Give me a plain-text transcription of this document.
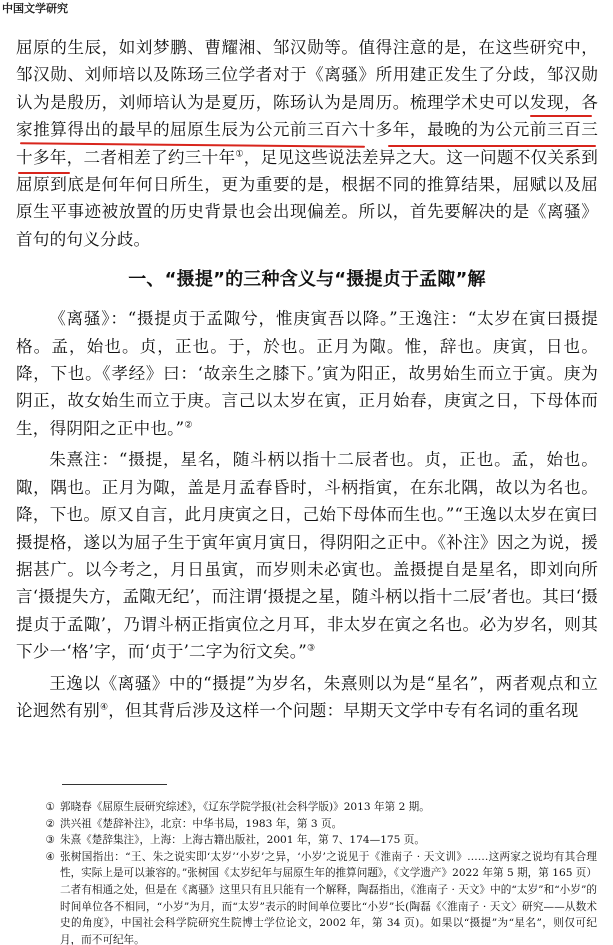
中国文学研究

屈原的生辰，如刘梦鹏、曹耀湘、邹汉勋等。值得注意的是，在这些研究中，邹汉勋、刘师培以及陈玚三位学者对于《离骚》所用建正发生了分歧，邹汉勋认为是殷历，刘师培认为是夏历，陈玚认为是周历。梳理学术史可以发现，各家推算得出的最早的屈原生辰为公元前三百六十多年，最晚的为公元前三百三十多年，二者相差了约三十年①，足见这些说法差异之大。这一问题不仅关系到屈原到底是何年何日所生，更为重要的是，根据不同的推算结果，屈赋以及屈原生平事迹被放置的历史背景也会出现偏差。所以，首先要解决的是《离骚》首句的句义分歧。

一、“摄提”的三种含义与“摄提贞于孟陬”解

《离骚》：“摄提贞于孟陬兮，惟庚寅吾以降。”王逸注：“太岁在寅曰摄提格。孟，始也。贞，正也。于，於也。正月为陬。惟，辞也。庚寅，日也。降，下也。《孝经》曰：‘故亲生之膝下。’寅为阳正，故男始生而立于寅。庚为阴正，故女始生而立于庚。言己以太岁在寅，正月始春，庚寅之日，下母体而生，得阴阳之正中也。”②

朱熹注：“摄提，星名，随斗柄以指十二辰者也。贞，正也。孟，始也。陬，隅也。正月为陬，盖是月孟春昏时，斗柄指寅，在东北隅，故以为名也。降，下也。原又自言，此月庚寅之日，己始下母体而生也。”“王逸以太岁在寅曰摄提格，遂以为屈子生于寅年寅月寅日，得阴阳之正中。《补注》因之为说，援据甚广。以今考之，月日虽寅，而岁则未必寅也。盖摄提自是星名，即刘向所言‘摄提失方，孟陬无纪’，而注谓‘摄提之星，随斗柄以指十二辰’者也。其曰‘摄提贞于孟陬’，乃谓斗柄正指寅位之月耳，非太岁在寅之名也。必为岁名，则其下少一‘格’字，而‘贞于’二字为衍文矣。”③

王逸以《离骚》中的“摄提”为岁名，朱熹则以为是“星名”，两者观点和立论迥然有别④，但其背后涉及这样一个问题：早期天文学中专有名词的重名现

① 郭晓春《屈原生辰研究综述》，《辽东学院学报(社会科学版)》2013 年第 2 期。
② 洪兴祖《楚辞补注》，北京：中华书局，1983 年，第 3 页。
③ 朱熹《楚辞集注》，上海：上海古籍出版社，2001 年，第 7、174—175 页。
④ 张树国指出：“王、朱之说实即‘太岁’‘小岁’之异，‘小岁’之说见于《淮南子 · 天文训》……这两家之说均有其合理性，实际上是可以兼容的。”张树国《太岁纪年与屈原生年的推算问题》，《文学遗产》2022 年第 5 期，第 165 页）二者有相通之处，但是在《离骚》这里只有且只能有一个解释，陶磊指出，《淮南子 · 天文》中的“太岁”和“小岁”的时间单位各不相同，“小岁”为月，而“太岁”表示的时间单位要比“小岁”长(陶磊《〈淮南子 · 天文〉研究——从数术史的角度》，中国社会科学院研究生院博士学位论文，2002 年，第 34 页)。如果以“摄提”为“星名”，则仅可纪月，而不可纪年。
